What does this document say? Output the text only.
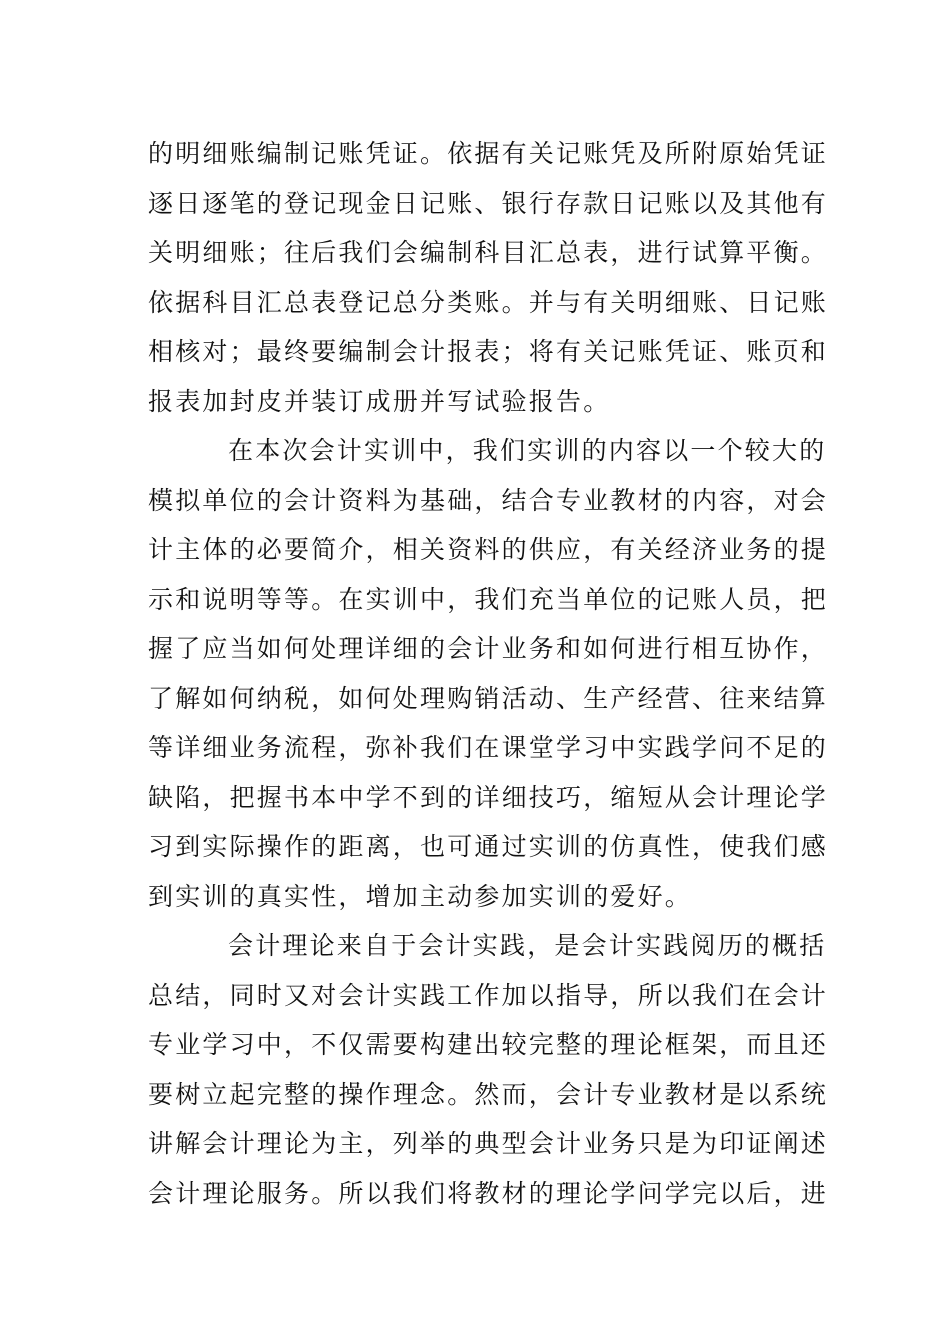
的明细账编制记账凭证。依据有关记账凭及所附原始凭证
逐日逐笔的登记现金日记账、银行存款日记账以及其他有
关明细账；往后我们会编制科目汇总表，进行试算平衡。
依据科目汇总表登记总分类账。并与有关明细账、日记账
相核对；最终要编制会计报表；将有关记账凭证、账页和
报表加封皮并装订成册并写试验报告。
在本次会计实训中，我们实训的内容以一个较大的
模拟单位的会计资料为基础，结合专业教材的内容，对会
计主体的必要简介，相关资料的供应，有关经济业务的提
示和说明等等。在实训中，我们充当单位的记账人员，把
握了应当如何处理详细的会计业务和如何进行相互协作，
了解如何纳税，如何处理购销活动、生产经营、往来结算
等详细业务流程，弥补我们在课堂学习中实践学问不足的
缺陷，把握书本中学不到的详细技巧，缩短从会计理论学
习到实际操作的距离，也可通过实训的仿真性，使我们感
到实训的真实性，增加主动参加实训的爱好。
会计理论来自于会计实践，是会计实践阅历的概括
总结，同时又对会计实践工作加以指导，所以我们在会计
专业学习中，不仅需要构建出较完整的理论框架，而且还
要树立起完整的操作理念。然而，会计专业教材是以系统
讲解会计理论为主，列举的典型会计业务只是为印证阐述
会计理论服务。所以我们将教材的理论学问学完以后，进
